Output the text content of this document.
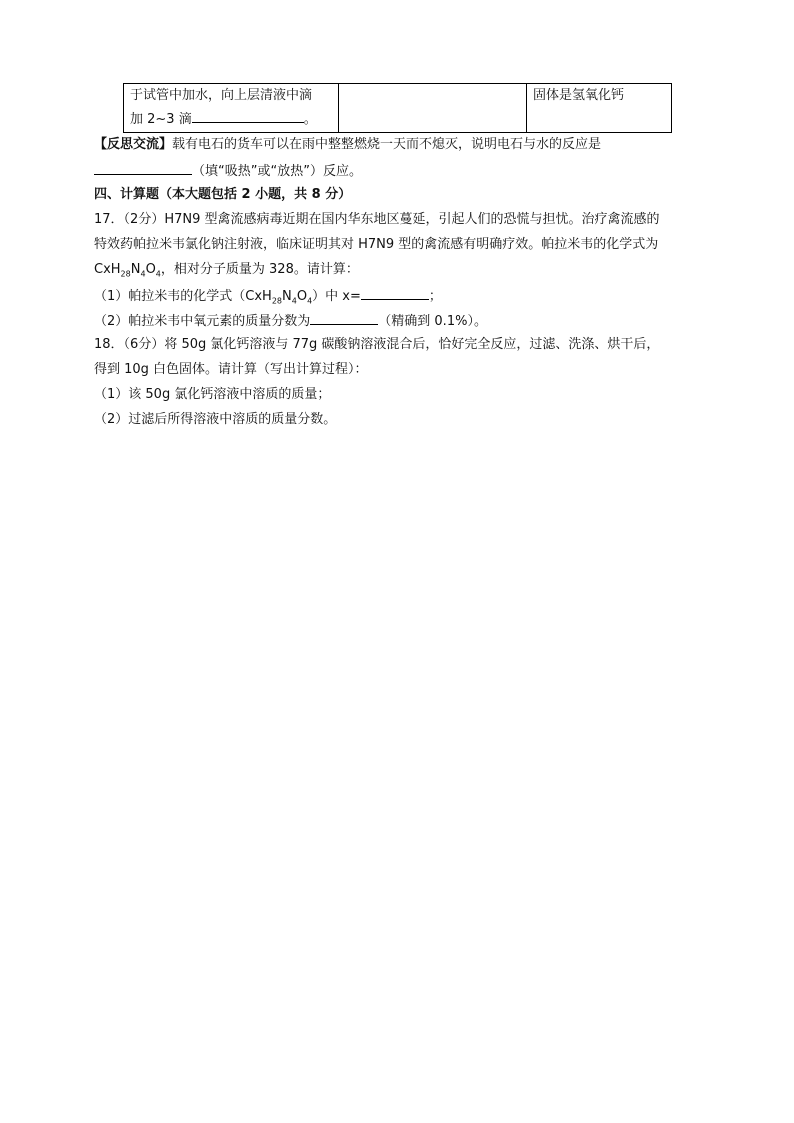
于试管中加水，向上层清液中滴
加 2~3 滴	。		固体是氢氧化钙
【反思交流】载有电石的货车可以在雨中整整燃烧一天而不熄灭，说明电石与水的反应是
（填“吸热”或“放热”）反应。
四、计算题（本大题包括 2 小题，共 8 分）
17．（2分）H7N9 型禽流感病毒近期在国内华东地区蔓延，引起人们的恐慌与担忧。治疗禽流感的
特效药帕拉米韦氯化钠注射液，临床证明其对 H7N9 型的禽流感有明确疗效。帕拉米韦的化学式为
$CxH_{28}N_4O_4$，相对分子质量为 328。请计算：
（1）帕拉米韦的化学式$(CxH_{28}N_4O_4)$中 x=	；
（2）帕拉米韦中氧元素的质量分数为	（精确到 0.1%）。
18．（6分）将 50g 氯化钙溶液与 77g 碳酸钠溶液混合后，恰好完全反应，过滤、洗涤、烘干后，
得到 10g 白色固体。请计算（写出计算过程）：
（1）该 50g 氯化钙溶液中溶质的质量；
（2）过滤后所得溶液中溶质的质量分数。
